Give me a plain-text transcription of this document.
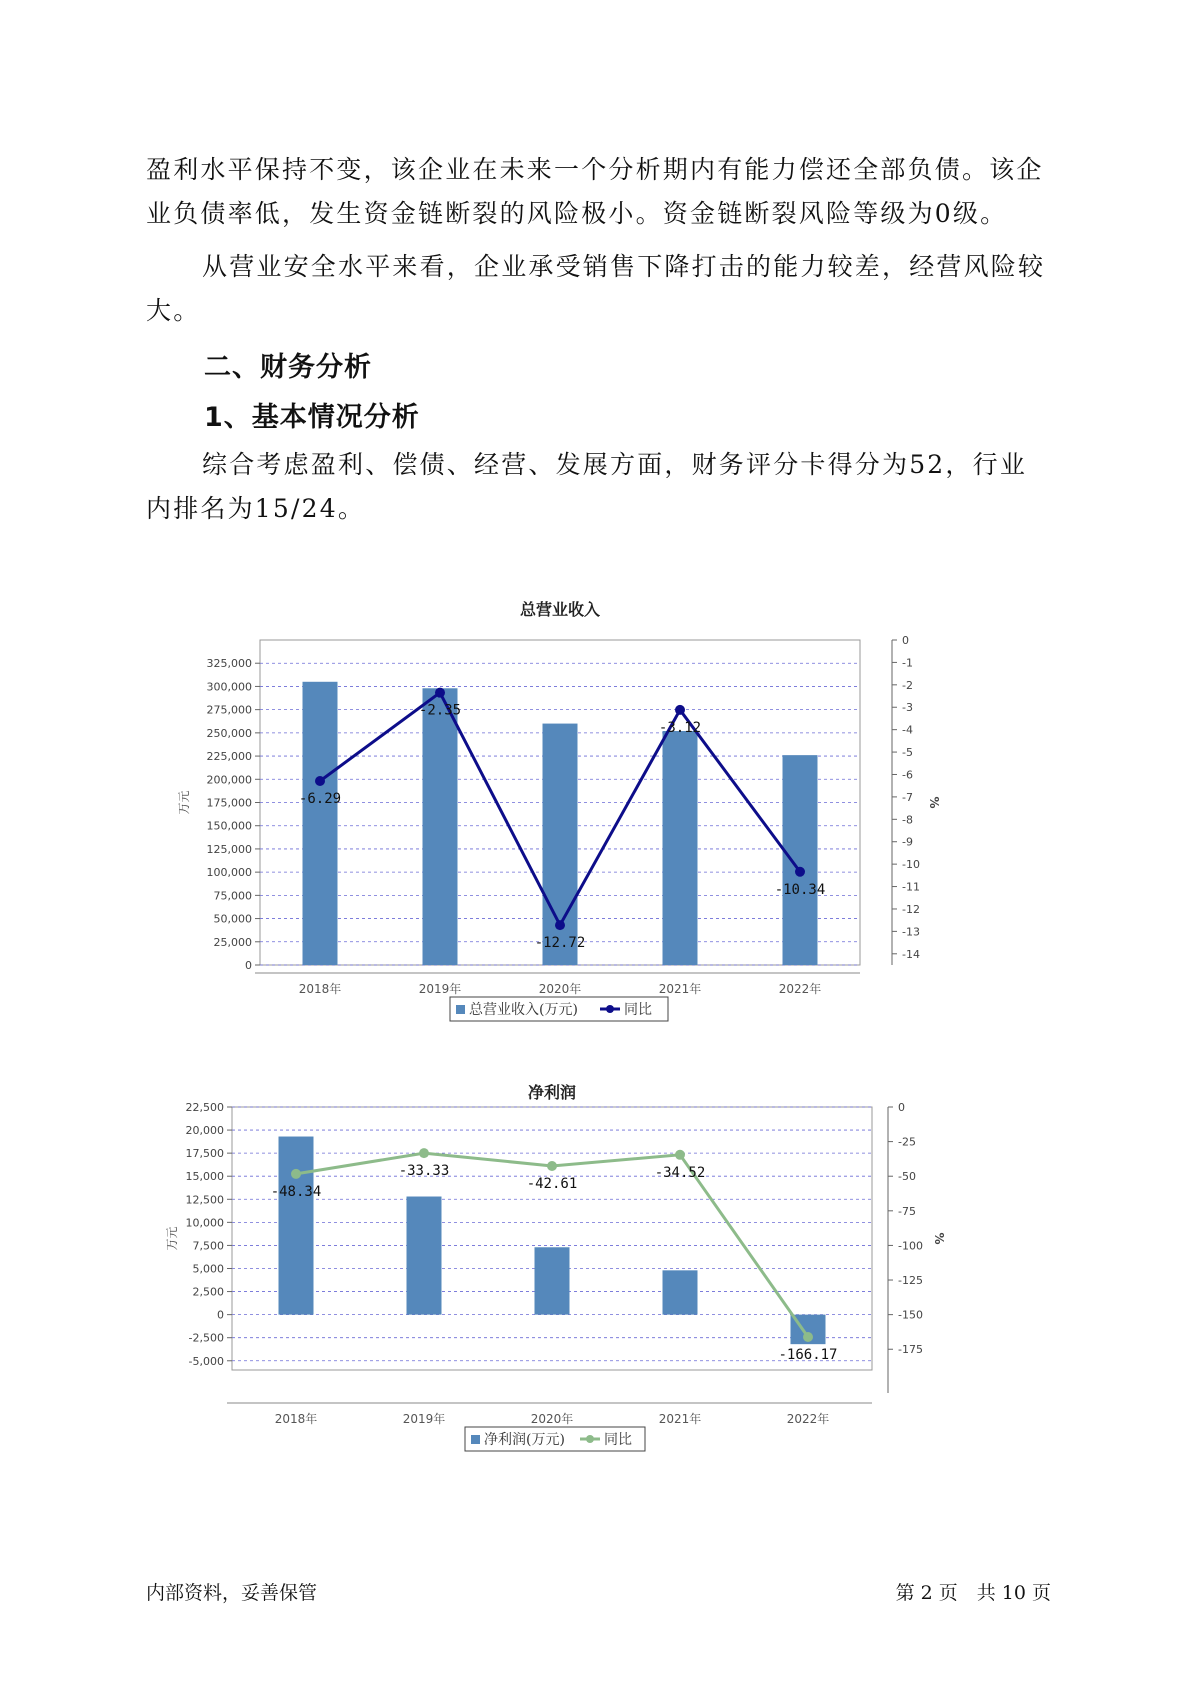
盈利水平保持不变，该企业在未来一个分析期内有能力偿还全部负债。该企业负债率低，发生资金链断裂的风险极小。资金链断裂风险等级为0级。

从营业安全水平来看，企业承受销售下降打击的能力较差，经营风险较大。

二、财务分析
1、基本情况分析

综合考虑盈利、偿债、经营、发展方面，财务评分卡得分为52，行业内排名为15/24。

总营业收入
0
25,000
50,000
75,000
100,000
125,000
150,000
175,000
200,000
225,000
250,000
275,000
300,000
325,000
0
-1
-2
-3
-4
-5
-6
-7
-8
-9
-10
-11
-12
-13
-14
万元	%
2018年	2019年	2020年	2021年	2022年
-6.29
-2.35
-12.72
-3.12
-10.34
总营业收入(万元)	同比
净利润
-5,000
-2,500
0
2,500
5,000
7,500
10,000
12,500
15,000
17,500
20,000
22,500	0
-25
-50
-75
-100
-125
-150
-175
万元	%
2018年	2019年	2020年	2021年	2022年
-48.34
-33.33
-42.61
-34.52
-166.17
净利润(万元)	同比
内部资料，妥善保管	第 2 页　共 10 页
